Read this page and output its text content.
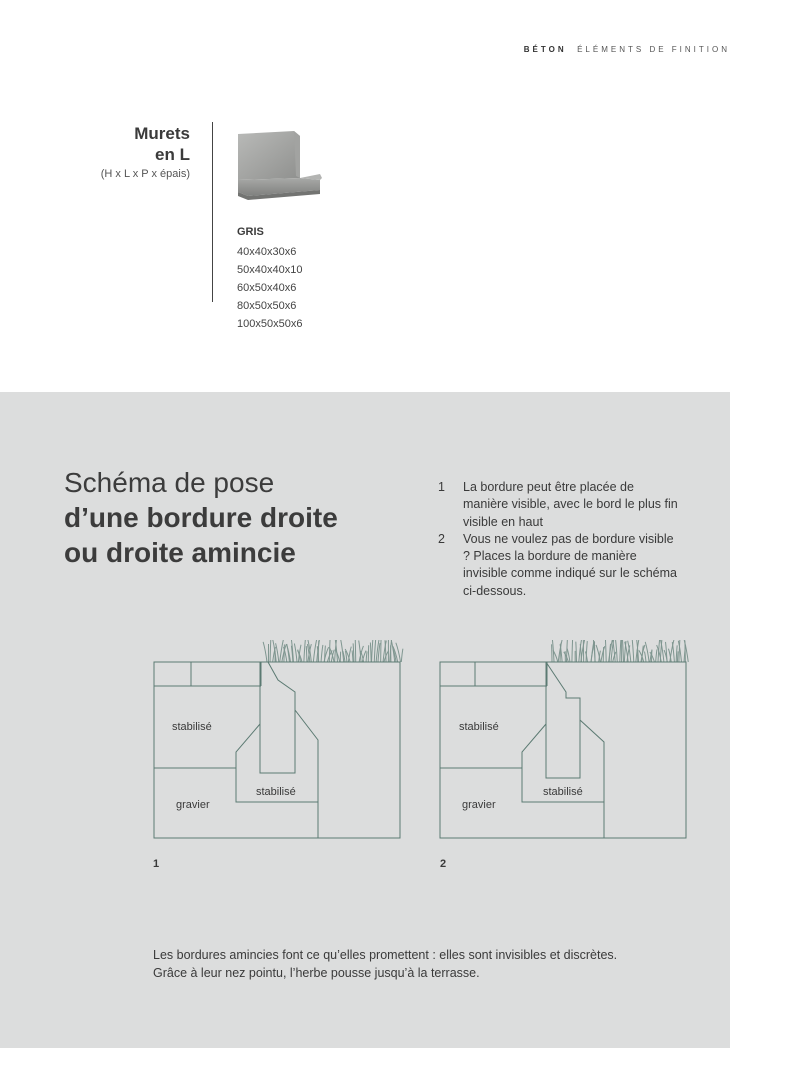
BÉTON ÉLÉMENTS DE FINITION
Murets
en L
(H x L x P x épais)
GRIS
40x40x30x6
50x40x40x10
60x50x40x6
80x50x50x6
100x50x50x6
Schéma de pose
d’une bordure droite
ou droite amincie
1	La bordure peut être placée de manière visible, avec le bord le plus fin visible en haut
2	Vous ne voulez pas de bordure visible ? Places la bordure de manière invisible comme indiqué sur le schéma ci-dessous.
stabilisé
stabilisé
gravier
1
stabilisé
stabilisé
gravier
2
Les bordures amincies font ce qu’elles promettent : elles sont invisibles et discrètes.
Grâce à leur nez pointu, l’herbe pousse jusqu’à la terrasse.
